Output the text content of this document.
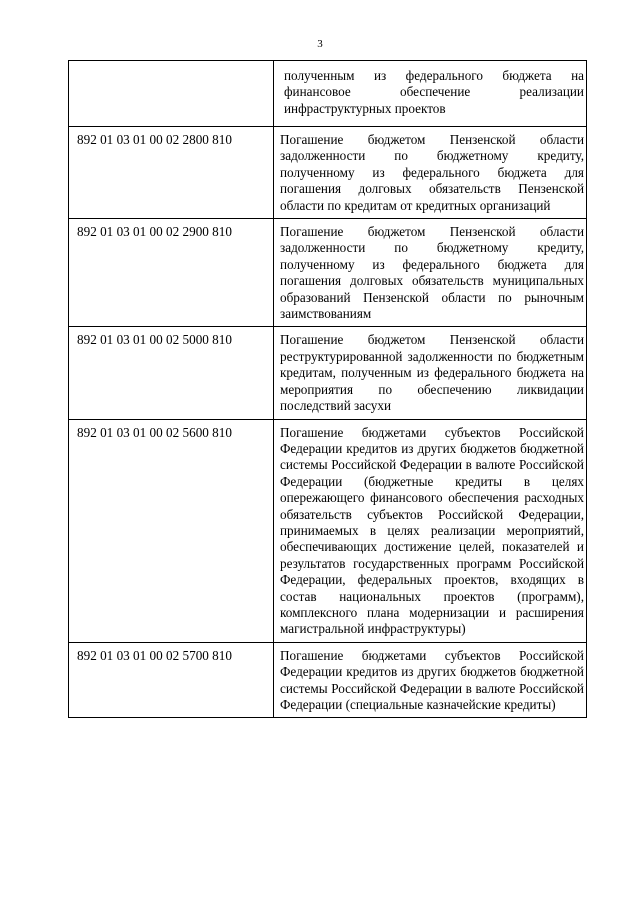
3
	полученным из федерального бюджета на финансовое обеспечение реализации инфраструктурных проектов
892 01 03 01 00 02 2800 810	Погашение бюджетом Пензенской области задолженности по бюджетному кредиту, полученному из федерального бюджета для погашения долговых обязательств Пензенской области по кредитам от кредитных организаций
892 01 03 01 00 02 2900 810	Погашение бюджетом Пензенской области задолженности по бюджетному кредиту, полученному из федерального бюджета для погашения долговых обязательств муниципальных образований Пензенской области по рыночным заимствованиям
892 01 03 01 00 02 5000 810	Погашение бюджетом Пензенской области реструктурированной задолженности по бюджетным кредитам, полученным из федерального бюджета на мероприятия по обеспечению ликвидации последствий засухи
892 01 03 01 00 02 5600 810	Погашение бюджетами субъектов Российской Федерации кредитов из других бюджетов бюджетной системы Российской Федерации в валюте Российской Федерации (бюджетные кредиты в целях опережающего финансового обеспечения расходных обязательств субъектов Российской Федерации, принимаемых в целях реализации мероприятий, обеспечивающих достижение целей, показателей и результатов государственных программ Российской Федерации, федеральных проектов, входящих в состав национальных проектов (программ), комплексного плана модернизации и расширения магистральной инфраструктуры)
892 01 03 01 00 02 5700 810	Погашение бюджетами субъектов Российской Федерации кредитов из других бюджетов бюджетной системы Российской Федерации в валюте Российской Федерации (специальные казначейские кредиты)
